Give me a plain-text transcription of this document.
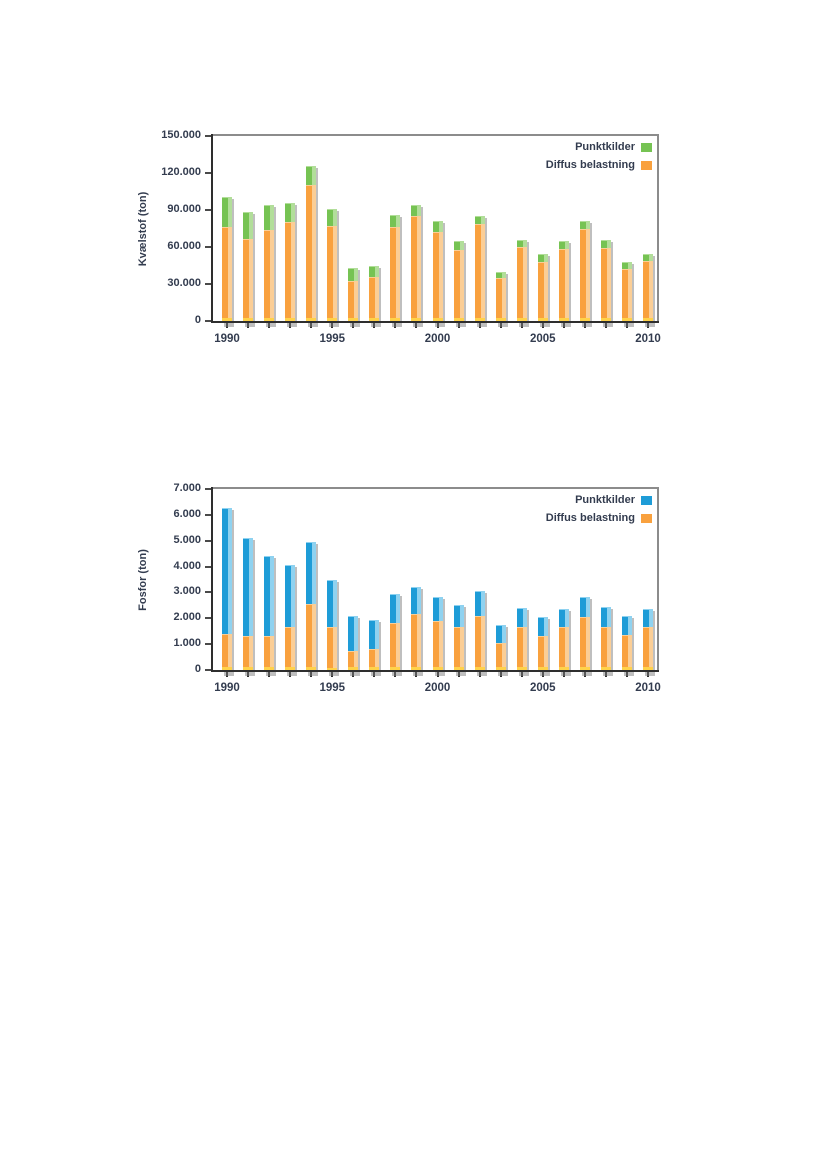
Kvælstof (ton)
0
30.000
60.000
90.000
120.000
150.000
1990	1995	2000	2005	2010
Punktkilder
Diffus belastning
Fosfor (ton)
0
1.000
2.000
3.000
4.000
5.000
6.000
7.000
1990	1995	2000	2005	2010
Punktkilder
Diffus belastning
